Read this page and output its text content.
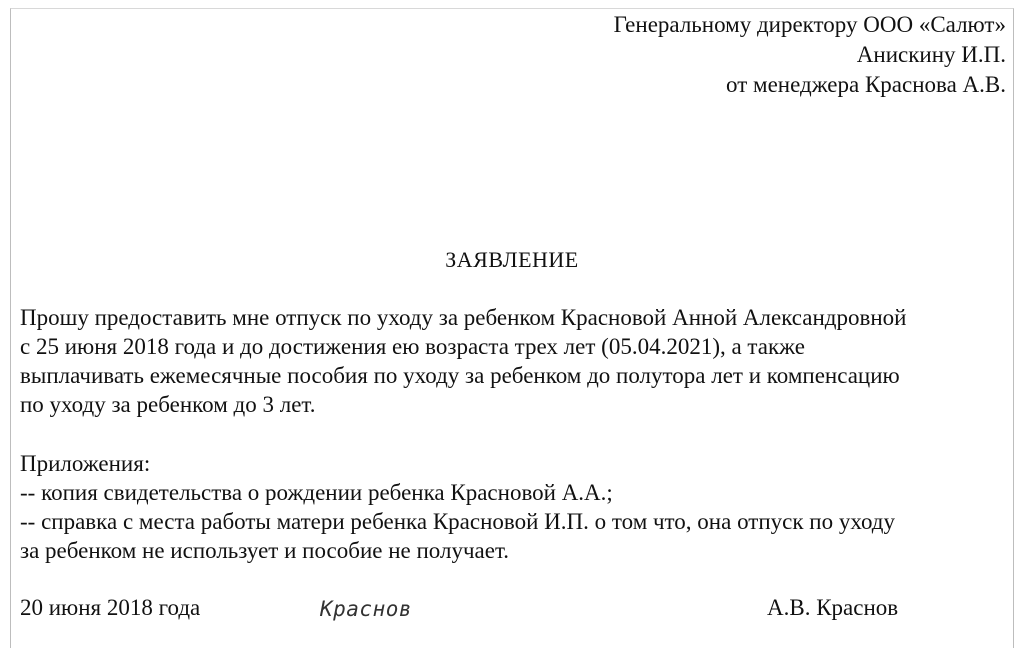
Генеральному директору ООО «Салют»
Анискину И.П.
от менеджера Краснова А.В.
ЗАЯВЛЕНИЕ
Прошу предоставить мне отпуск по уходу за ребенком Красновой Анной Александровной
с 25 июня 2018 года и до достижения ею возраста трех лет (05.04.2021), а также
выплачивать ежемесячные пособия по уходу за ребенком до полутора лет и компенсацию
по уходу за ребенком до 3 лет.
Приложения:
-- копия свидетельства о рождении ребенка Красновой А.А.;
-- справка с места работы матери ребенка Красновой И.П. о том что, она отпуск по уходу
за ребенком не использует и пособие не получает.
20 июня 2018 года	Краснов	А.В. Краснов
